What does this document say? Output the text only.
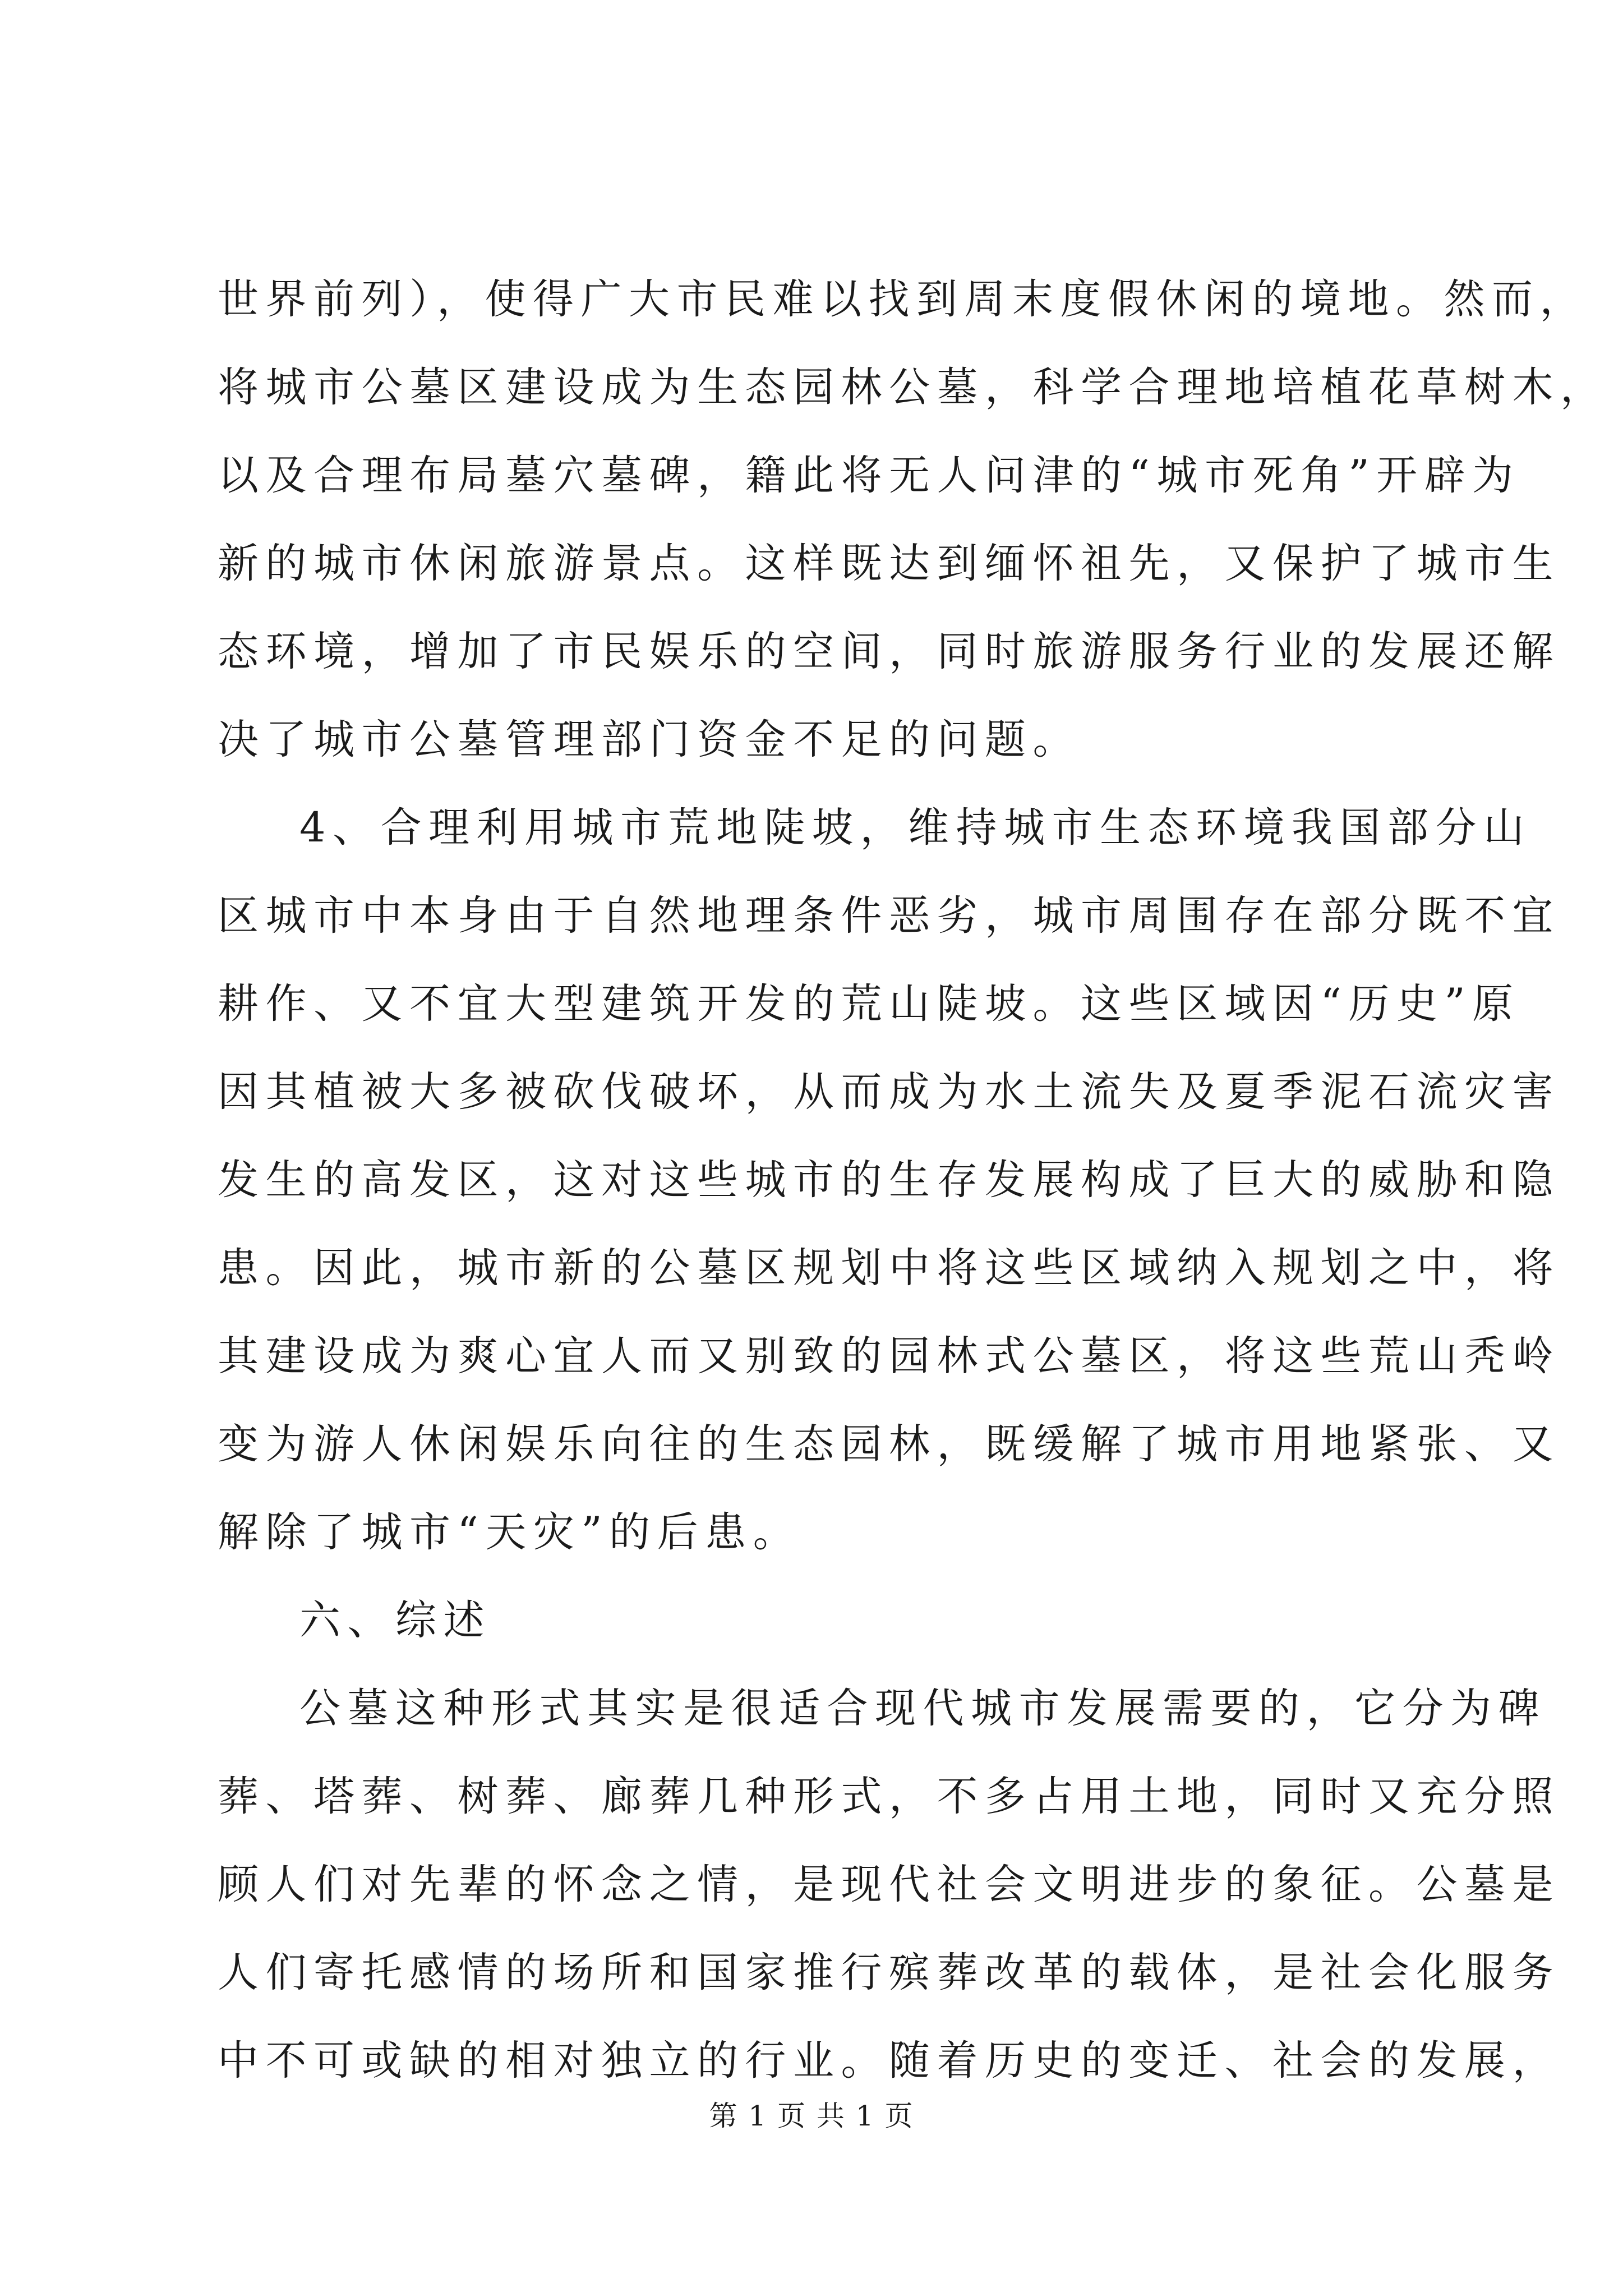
世界前列），使得广大市民难以找到周末度假休闲的境地。然而，
将城市公墓区建设成为生态园林公墓，科学合理地培植花草树木，
以及合理布局墓穴墓碑，籍此将无人问津的“城市死角”开辟为
新的城市休闲旅游景点。这样既达到缅怀祖先，又保护了城市生
态环境，增加了市民娱乐的空间，同时旅游服务行业的发展还解
决了城市公墓管理部门资金不足的问题。
4、合理利用城市荒地陡坡，维持城市生态环境我国部分山
区城市中本身由于自然地理条件恶劣，城市周围存在部分既不宜
耕作、又不宜大型建筑开发的荒山陡坡。这些区域因“历史”原
因其植被大多被砍伐破坏，从而成为水土流失及夏季泥石流灾害
发生的高发区，这对这些城市的生存发展构成了巨大的威胁和隐
患。因此，城市新的公墓区规划中将这些区域纳入规划之中，将
其建设成为爽心宜人而又别致的园林式公墓区，将这些荒山秃岭
变为游人休闲娱乐向往的生态园林，既缓解了城市用地紧张、又
解除了城市“天灾”的后患。
六、综述
公墓这种形式其实是很适合现代城市发展需要的，它分为碑
葬、塔葬、树葬、廊葬几种形式，不多占用土地，同时又充分照
顾人们对先辈的怀念之情，是现代社会文明进步的象征。公墓是
人们寄托感情的场所和国家推行殡葬改革的载体，是社会化服务
中不可或缺的相对独立的行业。随着历史的变迁、社会的发展，
第 1 页 共 1 页
